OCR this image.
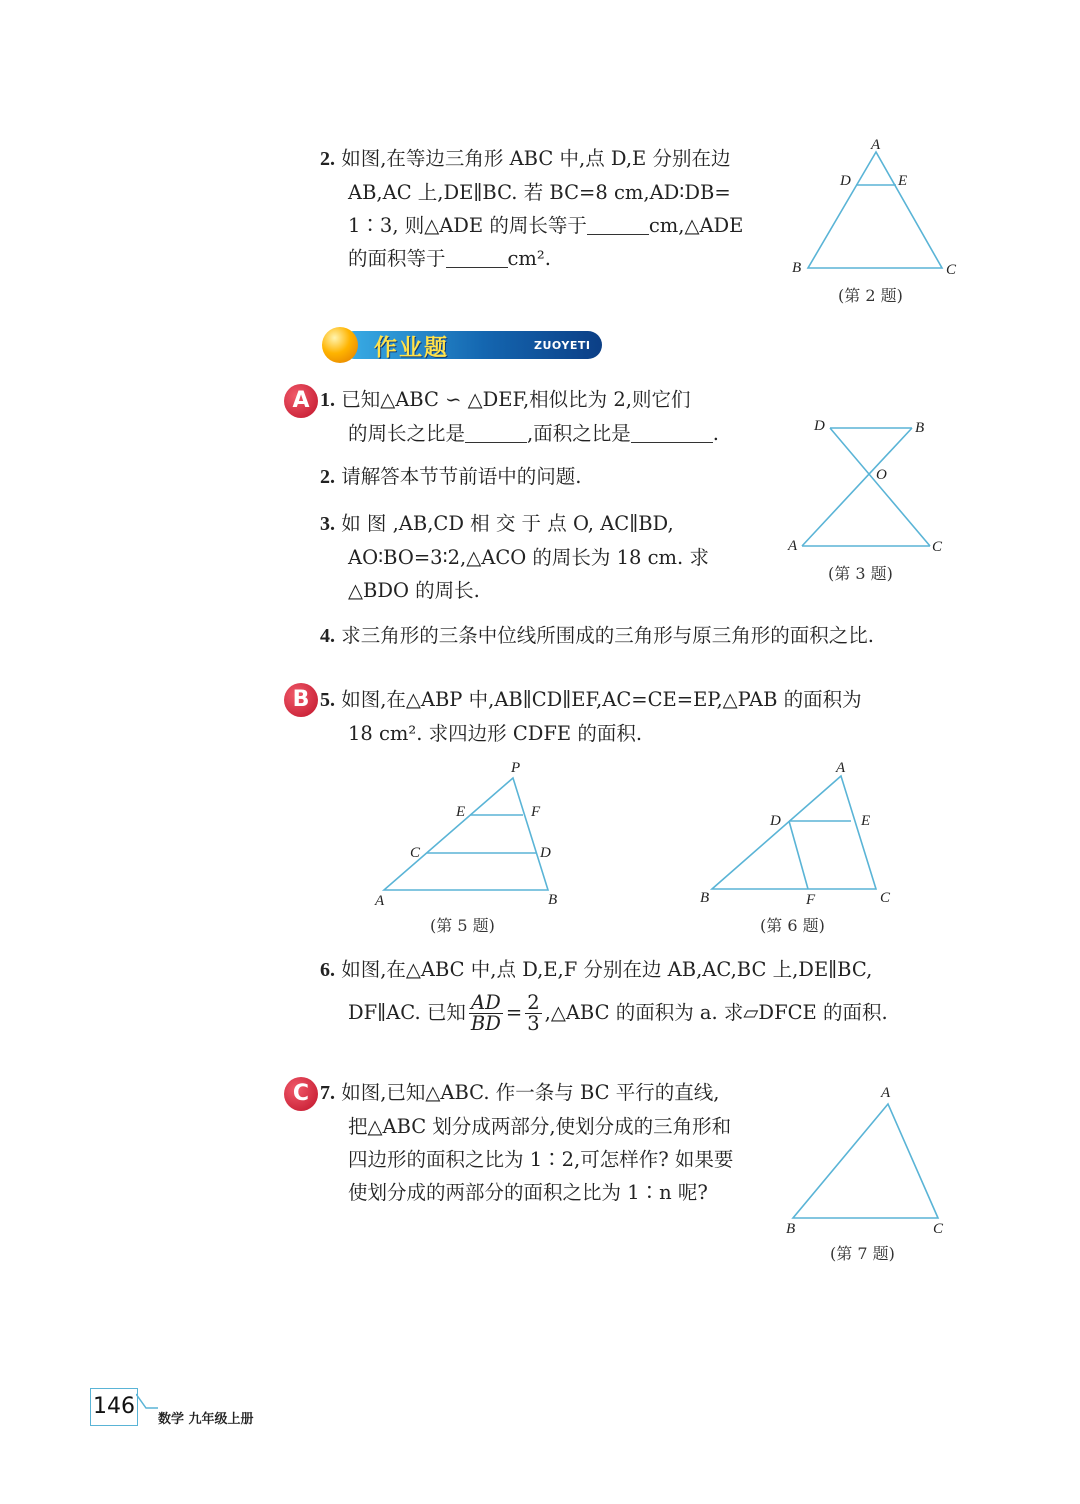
2. 如图,在等边三角形 ABC 中,点 D,E 分别在边
AB,AC 上,DE∥BC. 若 BC=8 cm,AD∶DB=
1∶3, 则△ADE 的周长等于	cm,△ADE
的面积等于	cm².
A
D	E
B	C
(第 2 题)
作业题	ZUOYETI
A 1. 已知△ABC ∽ △DEF,相似比为 2,则它们
的周长之比是	,面积之比是	.
2. 请解答本节节前语中的问题.
3. 如 图 ,AB,CD 相 交 于 点 O, AC∥BD,
AO∶BO=3∶2,△ACO 的周长为 18 cm. 求
△BDO 的周长.
D	B
O
A	C
(第 3 题)
4. 求三角形的三条中位线所围成的三角形与原三角形的面积之比.
B 5. 如图,在△ABP 中,AB∥CD∥EF,AC=CE=EP,△PAB 的面积为
18 cm². 求四边形 CDFE 的面积.
P
E	F
C	D
A	B
(第 5 题)
A
D	E
B	F	C
(第 6 题)
6. 如图,在△ABC 中,点 D,E,F 分别在边 AB,AC,BC 上,DE∥BC,
DF∥AC. 已知 $\frac{AD}{BD} = \frac{2}{3}$ ,△ABC 的面积为 a. 求▱DFCE 的面积.
C 7. 如图,已知△ABC. 作一条与 BC 平行的直线,
把△ABC 划分成两部分,使划分成的三角形和
四边形的面积之比为 1∶2,可怎样作? 如果要
使划分成的两部分的面积之比为 1∶n 呢?
A
B	C
(第 7 题)
146
数学 九年级上册
